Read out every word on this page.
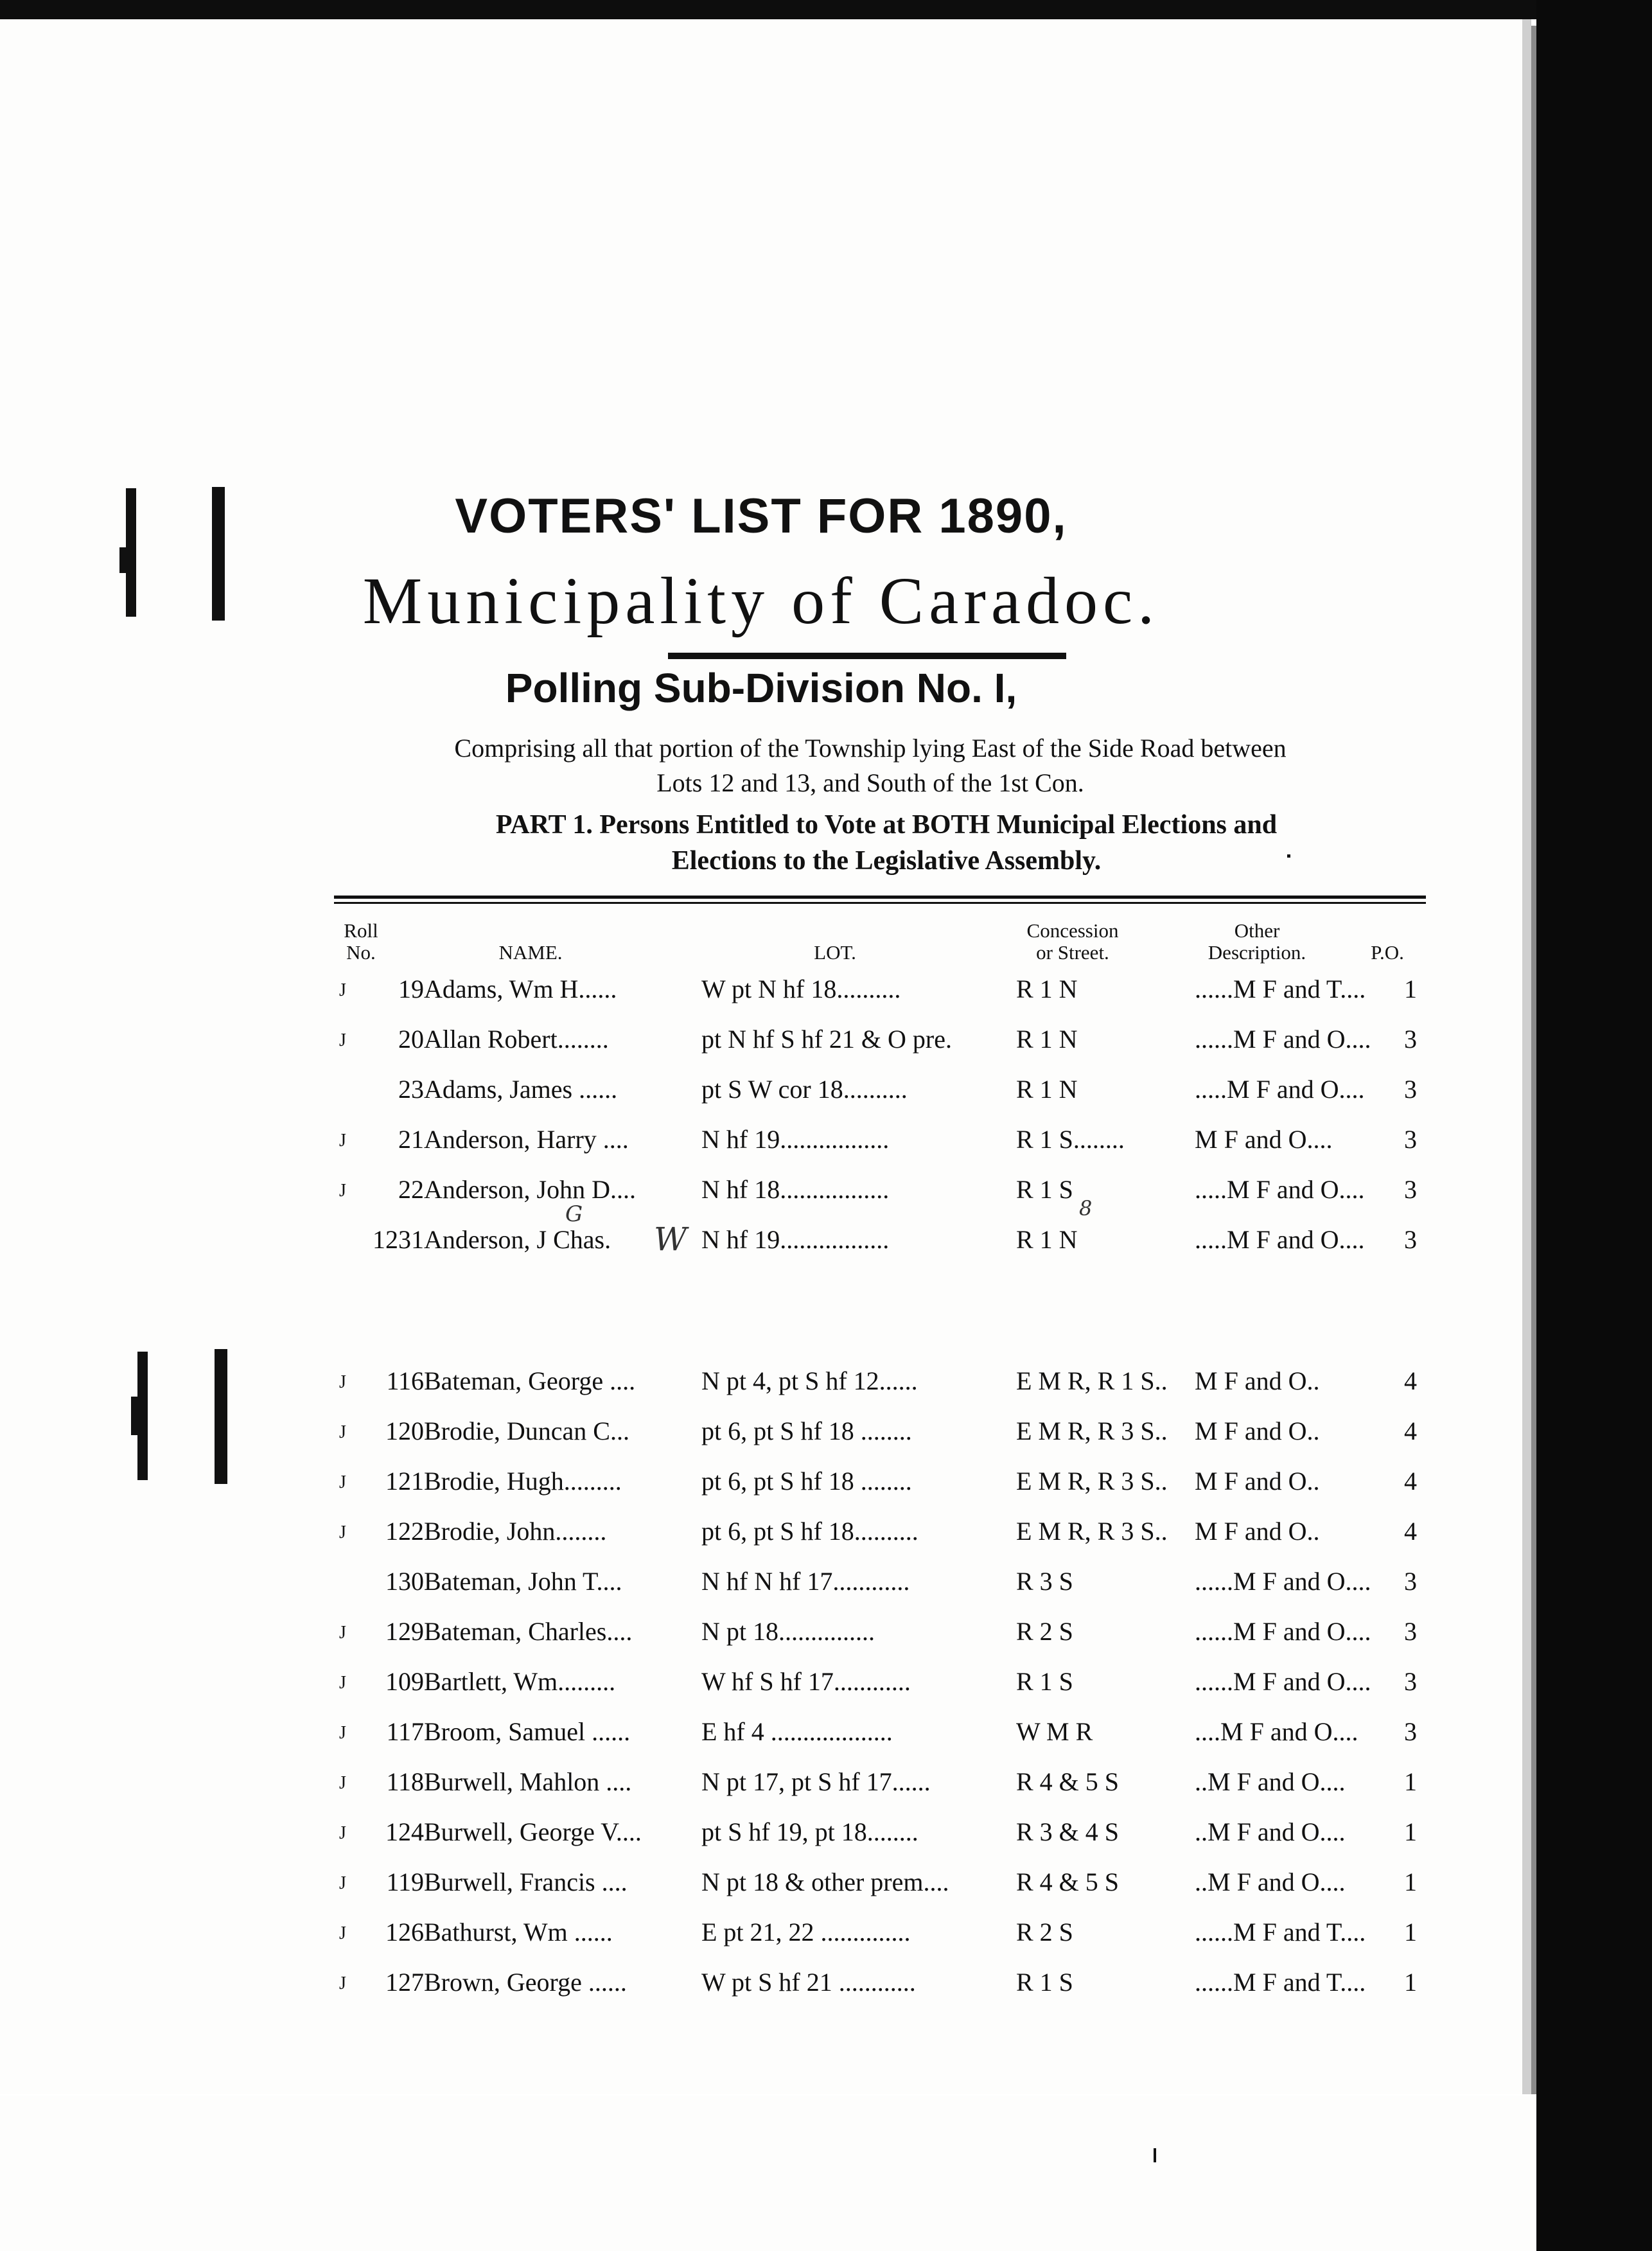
VOTERS' LIST FOR 1890,
Municipality of Caradoc.
Polling Sub-Division No. I,
Comprising all that portion of the Township lying East of the Side Road between
Lots 12 and 13, and South of the 1st Con.
PART 1. Persons Entitled to Vote at BOTH Municipal Elections and
Elections to the Legislative Assembly.
Roll
No.	NAME.	LOT.
Concession
or Street.
Other
Description.	P.O.
J	19 Adams, Wm H......	W pt N hf 18..........	R 1 N	......M F and T.... 1
J	20 Allan Robert........	pt N hf S hf 21 & O pre.	R 1 N	......M F and O.... 3
23 Adams, James ......	pt S W cor 18..........	R 1 N	.....M F and O.... 3
J	21 Anderson, Harry ....	N hf 19.................	R 1 S........	M F and O....	3
J	22 Anderson, John D....	N hf 18.................	R 1 S	.....M F and O.... 3
1231 Anderson, J Chas.	N hf 19.................	R 1 N	.....M F and O.... 3
J	116 Bateman, George ....	N pt 4, pt S hf 12......	E M R, R 1 S.. M F and O..	4
J	120 Brodie, Duncan C...	pt 6, pt S hf 18 ........	E M R, R 3 S.. M F and O..	4
J	121 Brodie, Hugh.........	pt 6, pt S hf 18 ........	E M R, R 3 S.. M F and O..	4
J	122 Brodie, John........	pt 6, pt S hf 18..........	E M R, R 3 S.. M F and O..	4
130 Bateman, John T....	N hf N hf 17............	R 3 S	......M F and O.... 3
J	129 Bateman, Charles....	N pt 18...............	R 2 S	......M F and O.... 3
J	109 Bartlett, Wm.........	W hf S hf 17............	R 1 S	......M F and O.... 3
J	117 Broom, Samuel ......	E hf 4 ...................	W M R	....M F and O.... 3
J	118 Burwell, Mahlon ....	N pt 17, pt S hf 17......	R 4 & 5 S	..M F and O.... 1
J	124 Burwell, George V.... pt S hf 19, pt 18........	R 3 & 4 S	..M F and O.... 1
J	119 Burwell, Francis ....	N pt 18 & other prem....	R 4 & 5 S	..M F and O.... 1
J	126 Bathurst, Wm ......	E pt 21, 22 ..............	R 2 S	......M F and T.... 1
J	127 Brown, George ......	W pt S hf 21 ............	R 1 S	......M F and T.... 1
G
W
8
